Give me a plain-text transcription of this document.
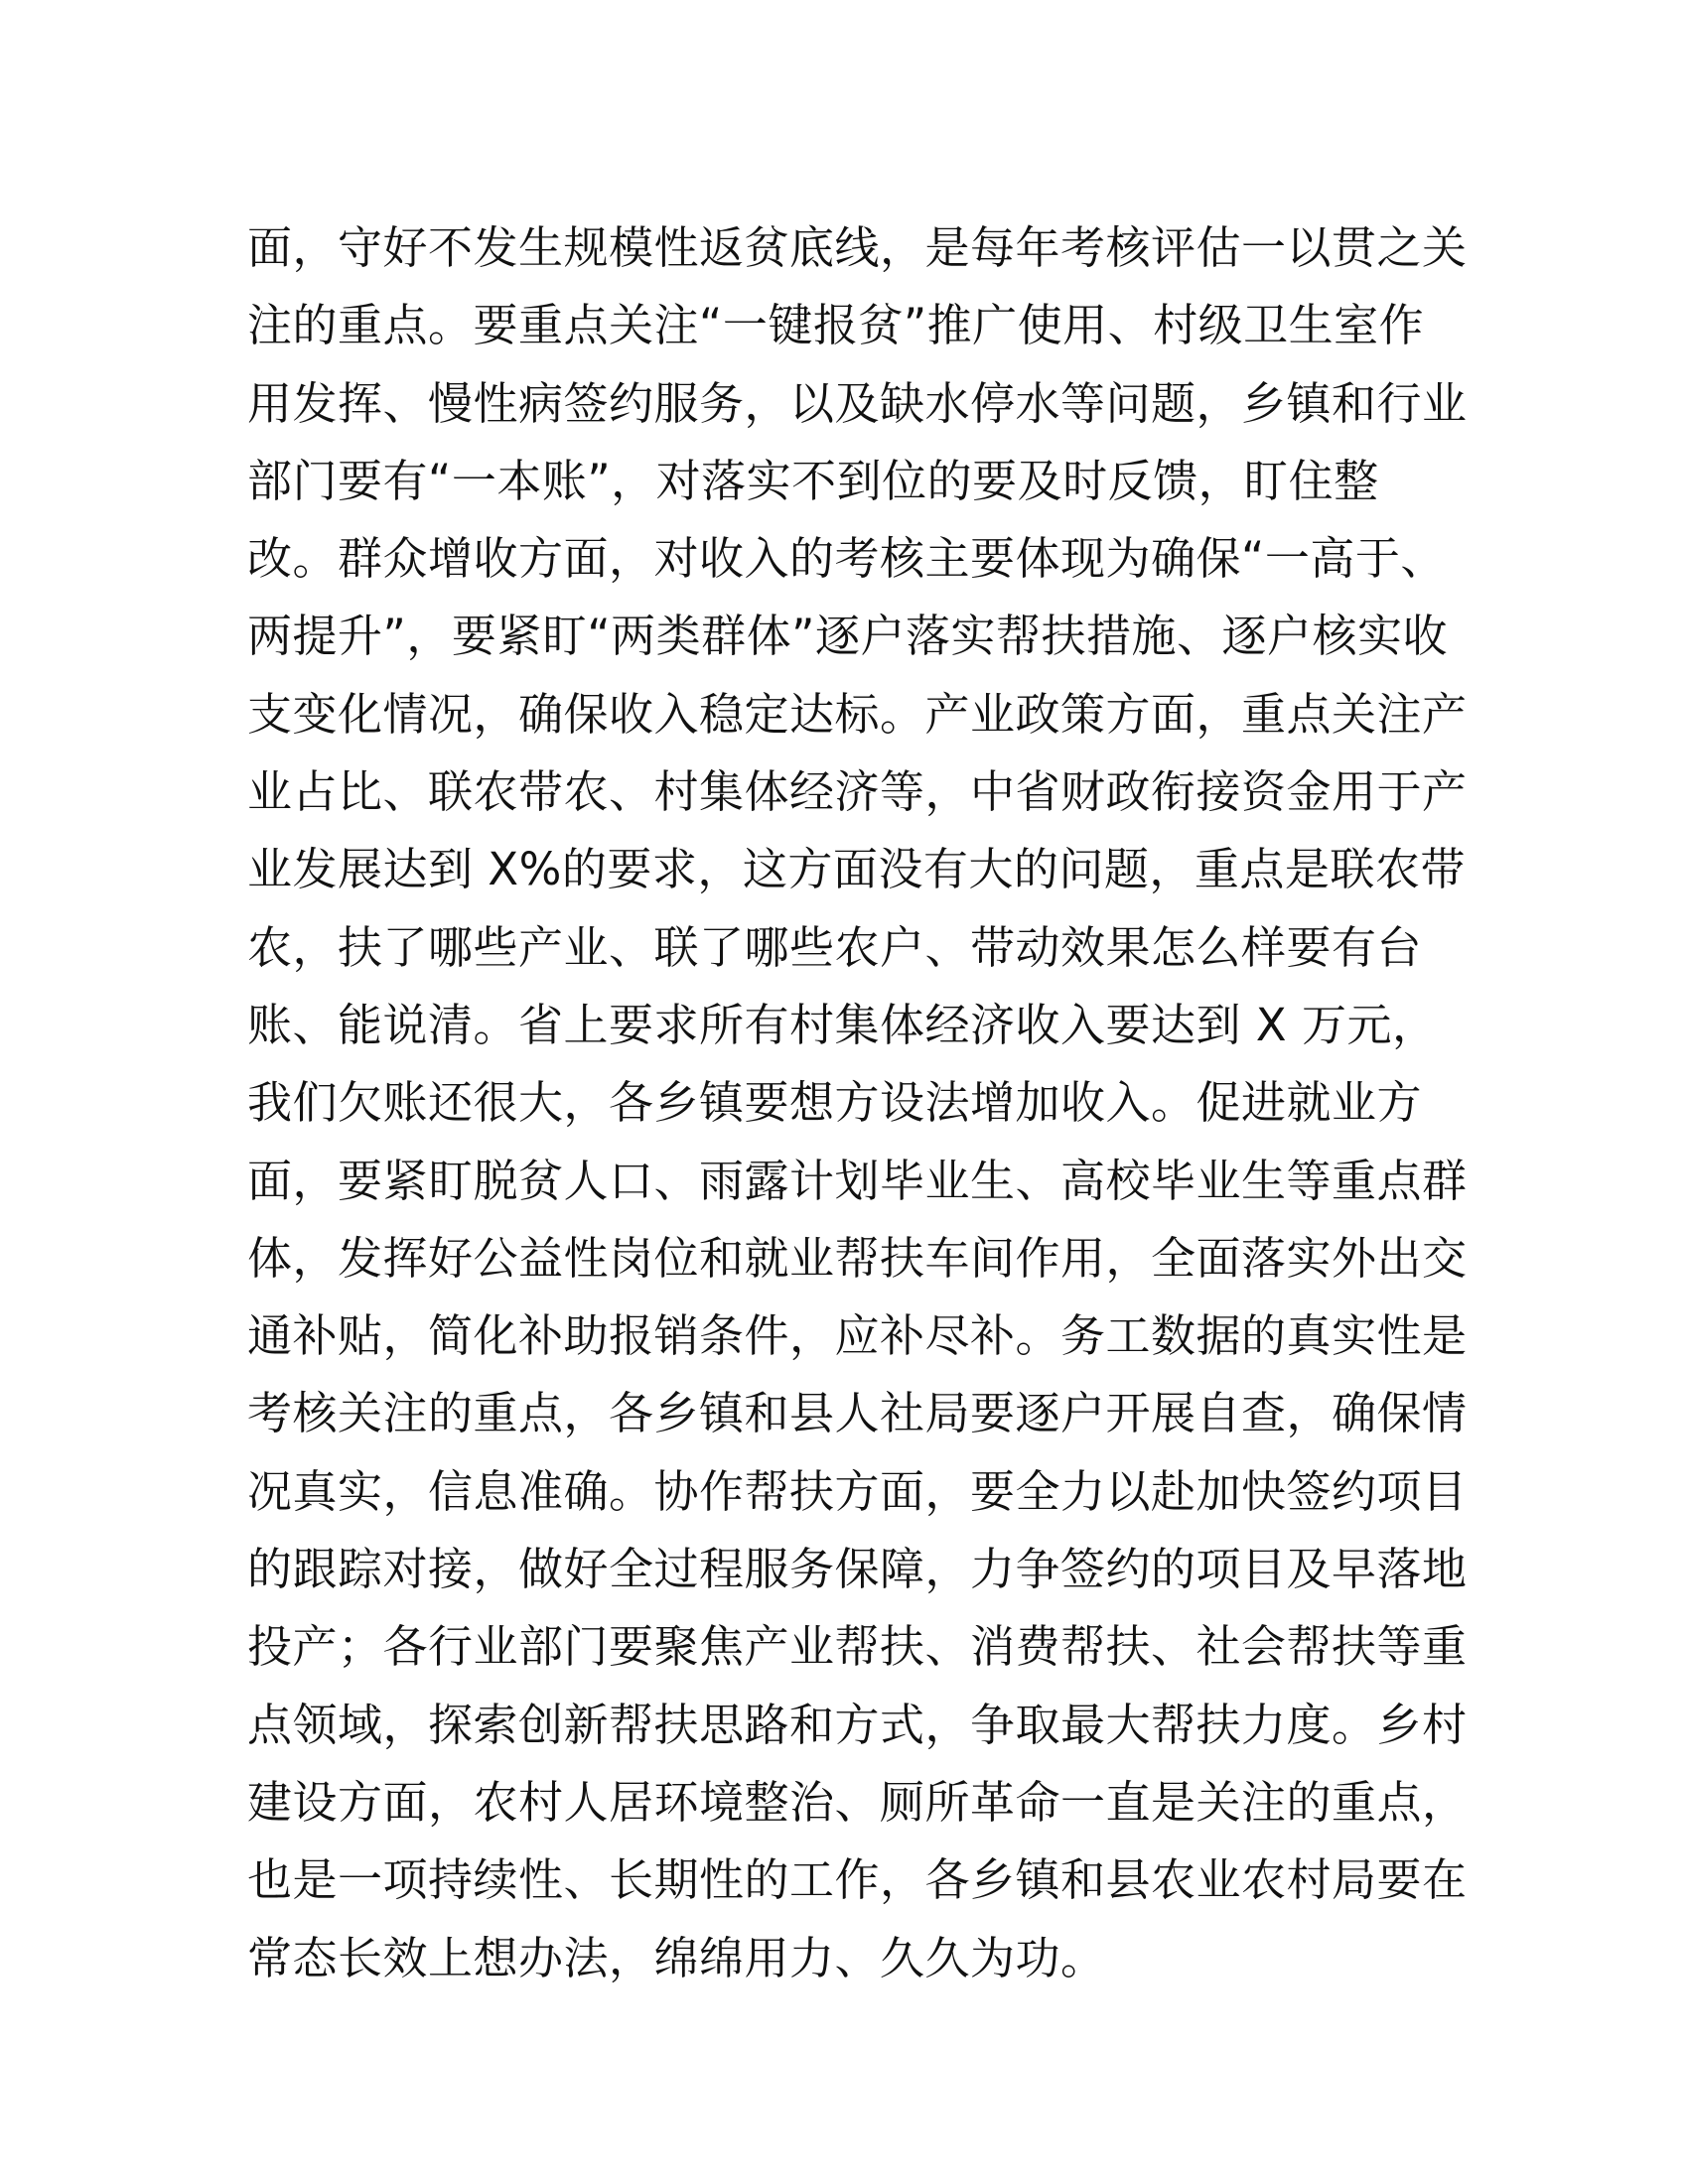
面，守好不发生规模性返贫底线，是每年考核评估一以贯之关
注的重点。要重点关注“一键报贫”推广使用、村级卫生室作
用发挥、慢性病签约服务，以及缺水停水等问题，乡镇和行业
部门要有“一本账”，对落实不到位的要及时反馈，盯住整
改。群众增收方面，对收入的考核主要体现为确保“一高于、
两提升”，要紧盯“两类群体”逐户落实帮扶措施、逐户核实收
支变化情况，确保收入稳定达标。产业政策方面，重点关注产
业占比、联农带农、村集体经济等，中省财政衔接资金用于产
业发展达到 X%的要求，这方面没有大的问题，重点是联农带
农，扶了哪些产业、联了哪些农户、带动效果怎么样要有台
账、能说清。省上要求所有村集体经济收入要达到 X 万元，
我们欠账还很大，各乡镇要想方设法增加收入。促进就业方
面，要紧盯脱贫人口、雨露计划毕业生、高校毕业生等重点群
体，发挥好公益性岗位和就业帮扶车间作用，全面落实外出交
通补贴，简化补助报销条件，应补尽补。务工数据的真实性是
考核关注的重点，各乡镇和县人社局要逐户开展自查，确保情
况真实，信息准确。协作帮扶方面，要全力以赴加快签约项目
的跟踪对接，做好全过程服务保障，力争签约的项目及早落地
投产；各行业部门要聚焦产业帮扶、消费帮扶、社会帮扶等重
点领域，探索创新帮扶思路和方式，争取最大帮扶力度。乡村
建设方面，农村人居环境整治、厕所革命一直是关注的重点，
也是一项持续性、长期性的工作，各乡镇和县农业农村局要在
常态长效上想办法，绵绵用力、久久为功。
